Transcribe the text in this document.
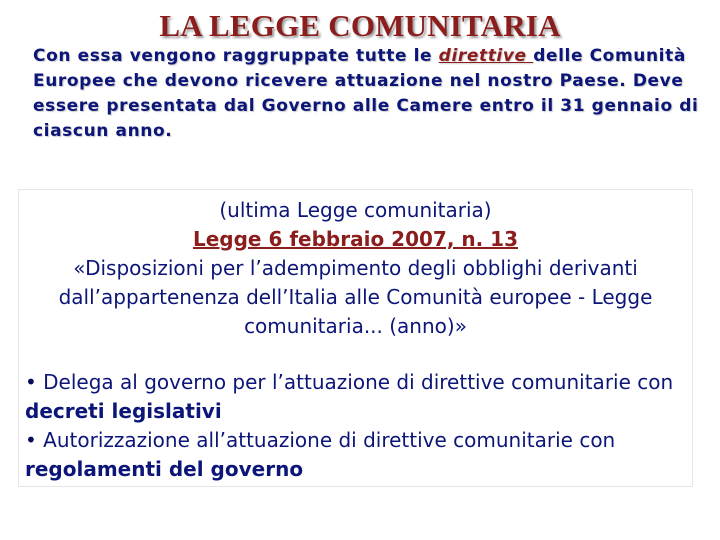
LA LEGGE COMUNITARIA

Con essa vengono raggruppate tutte le direttive delle Comunità Europee che devono ricevere attuazione nel nostro Paese. Deve essere presentata dal Governo alle Camere entro il 31 gennaio di ciascun anno.

(ultima Legge comunitaria)
Legge 6 febbraio 2007, n. 13
«Disposizioni per l’adempimento degli obblighi derivanti dall’appartenenza dell’Italia alle Comunità europee - Legge comunitaria... (anno)»
• Delega al governo per l’attuazione di direttive comunitarie con decreti legislativi
• Autorizzazione all’attuazione di direttive comunitarie con regolamenti del governo
